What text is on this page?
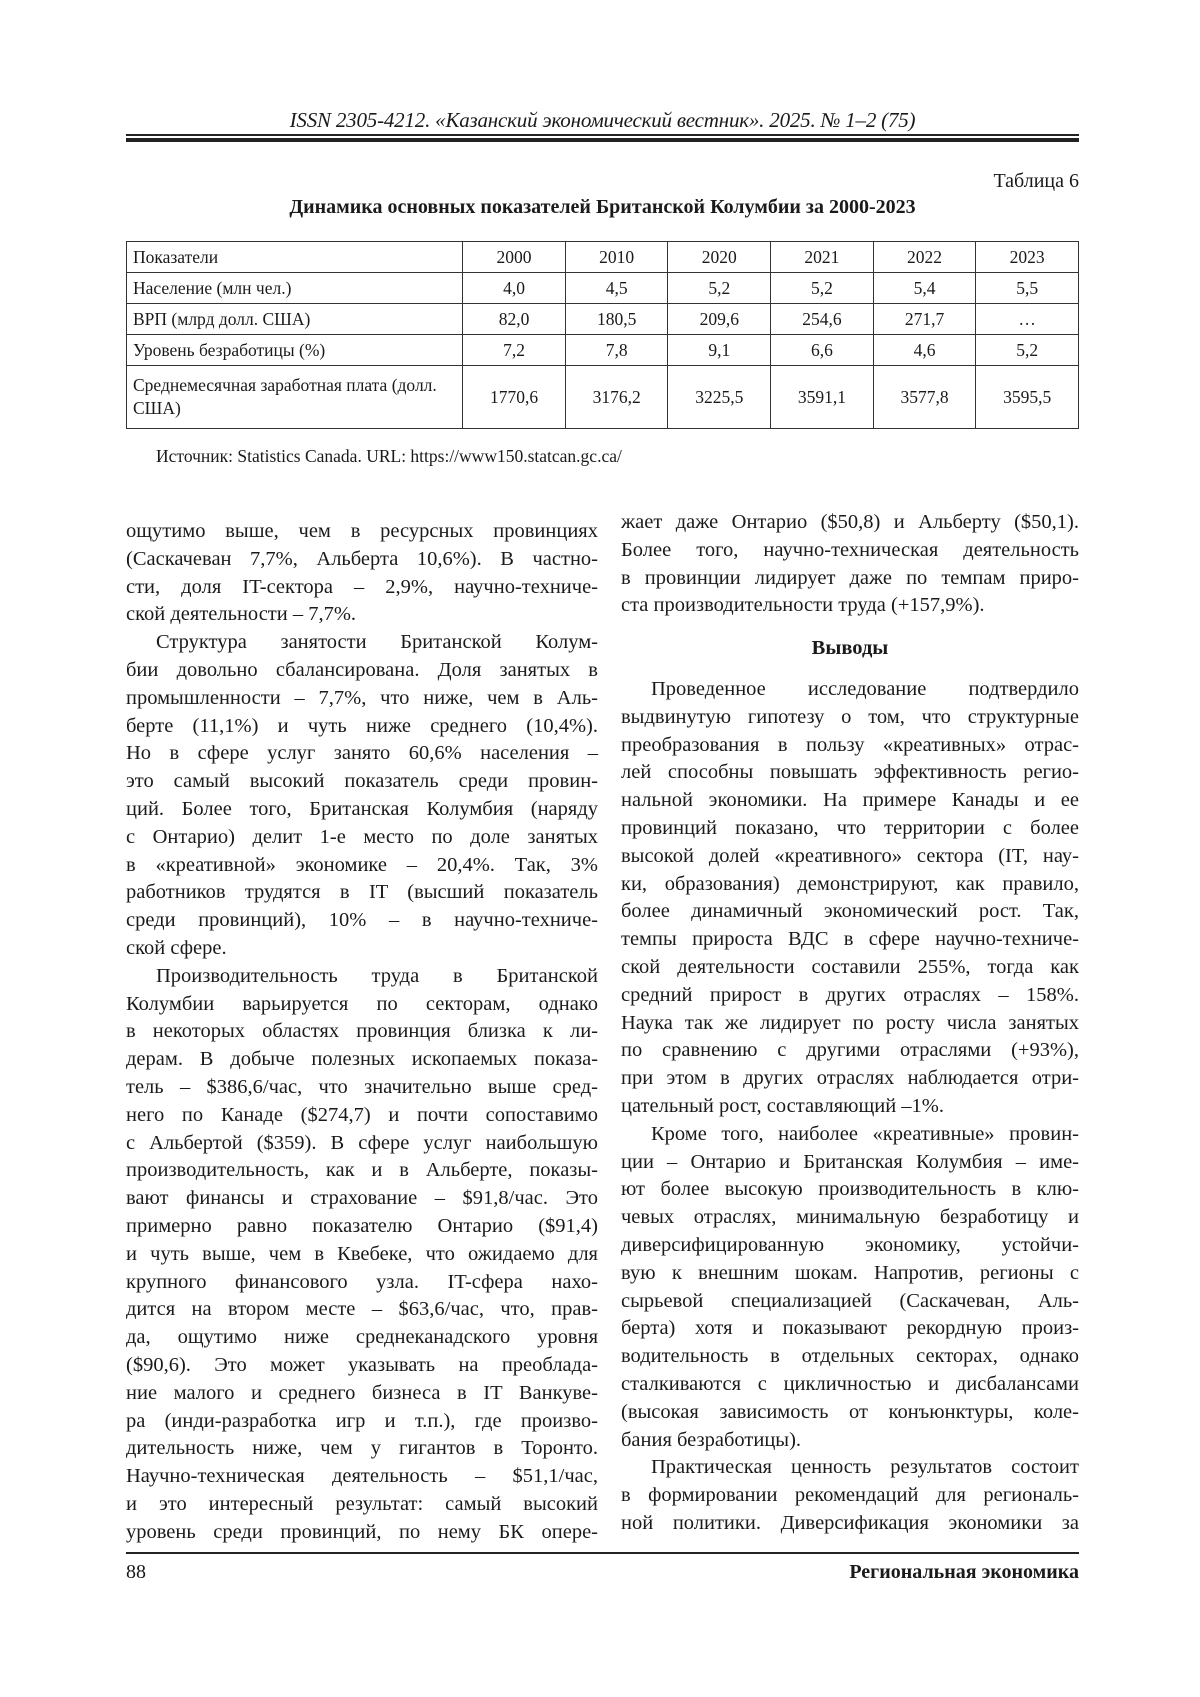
ISSN 2305-4212. «Казанский экономический вестник». 2025. № 1–2 (75)
Таблица 6
Динамика основных показателей Британской Колумбии за 2000-2023
Показатели	2000	2010	2020	2021	2022	2023
Население (млн чел.)	4,0	4,5	5,2	5,2	5,4	5,5
ВРП (млрд долл. США)	82,0	180,5	209,6	254,6	271,7	…
Уровень безработицы (%)	7,2	7,8	9,1	6,6	4,6	5,2
Среднемесячная заработная плата (долл. США)	1770,6	3176,2	3225,5	3591,1	3577,8	3595,5
Источник: Statistics Canada. URL: https://www150.statcan.gc.ca/
ощутимо выше, чем в ресурсных провинциях
(Саскачеван 7,7%, Альберта 10,6%). В частно-
сти, доля IT-сектора – 2,9%, научно-техниче-
ской деятельности – 7,7%.
Структура занятости Британской Колум-
бии довольно сбалансирована. Доля занятых в
промышленности – 7,7%, что ниже, чем в Аль-
берте (11,1%) и чуть ниже среднего (10,4%).
Но в сфере услуг занято 60,6% населения –
это самый высокий показатель среди провин-
ций. Более того, Британская Колумбия (наряду
с Онтарио) делит 1-е место по доле занятых
в «креативной» экономике – 20,4%. Так, 3%
работников трудятся в IT (высший показатель
среди провинций), 10% – в научно-техниче-
ской сфере.
Производительность труда в Британской
Колумбии варьируется по секторам, однако
в некоторых областях провинция близка к ли-
дерам. В добыче полезных ископаемых показа-
тель – $386,6/час, что значительно выше сред-
него по Канаде ($274,7) и почти сопоставимо
с Альбертой ($359). В сфере услуг наибольшую
производительность, как и в Альберте, показы-
вают финансы и страхование – $91,8/час. Это
примерно равно показателю Онтарио ($91,4)
и чуть выше, чем в Квебеке, что ожидаемо для
крупного финансового узла. IT-сфера нахо-
дится на втором месте – $63,6/час, что, прав-
да, ощутимо ниже среднеканадского уровня
($90,6). Это может указывать на преоблада-
ние малого и среднего бизнеса в IT Ванкуве-
ра (инди-разработка игр и т.п.), где произво-
дительность ниже, чем у гигантов в Торонто.
Научно-техническая деятельность – $51,1/час,
и это интересный результат: самый высокий
уровень среди провинций, по нему БК опере-
жает даже Онтарио ($50,8) и Альберту ($50,1).
Более того, научно-техническая деятельность
в провинции лидирует даже по темпам приро-
ста производительности труда (+157,9%).
Выводы
Проведенное исследование подтвердило
выдвинутую гипотезу о том, что структурные
преобразования в пользу «креативных» отрас-
лей способны повышать эффективность регио-
нальной экономики. На примере Канады и ее
провинций показано, что территории с более
высокой долей «креативного» сектора (IT, нау-
ки, образования) демонстрируют, как правило,
более динамичный экономический рост. Так,
темпы прироста ВДС в сфере научно-техниче-
ской деятельности составили 255%, тогда как
средний прирост в других отраслях – 158%.
Наука так же лидирует по росту числа занятых
по сравнению с другими отраслями (+93%),
при этом в других отраслях наблюдается отри-
цательный рост, составляющий –1%.
Кроме того, наиболее «креативные» провин-
ции – Онтарио и Британская Колумбия – име-
ют более высокую производительность в клю-
чевых отраслях, минимальную безработицу и
диверсифицированную экономику, устойчи-
вую к внешним шокам. Напротив, регионы с
сырьевой специализацией (Саскачеван, Аль-
берта) хотя и показывают рекордную произ-
водительность в отдельных секторах, однако
сталкиваются с цикличностью и дисбалансами
(высокая зависимость от конъюнктуры, коле-
бания безработицы).
Практическая ценность результатов состоит
в формировании рекомендаций для региональ-
ной политики. Диверсификация экономики за
88	Региональная экономика
